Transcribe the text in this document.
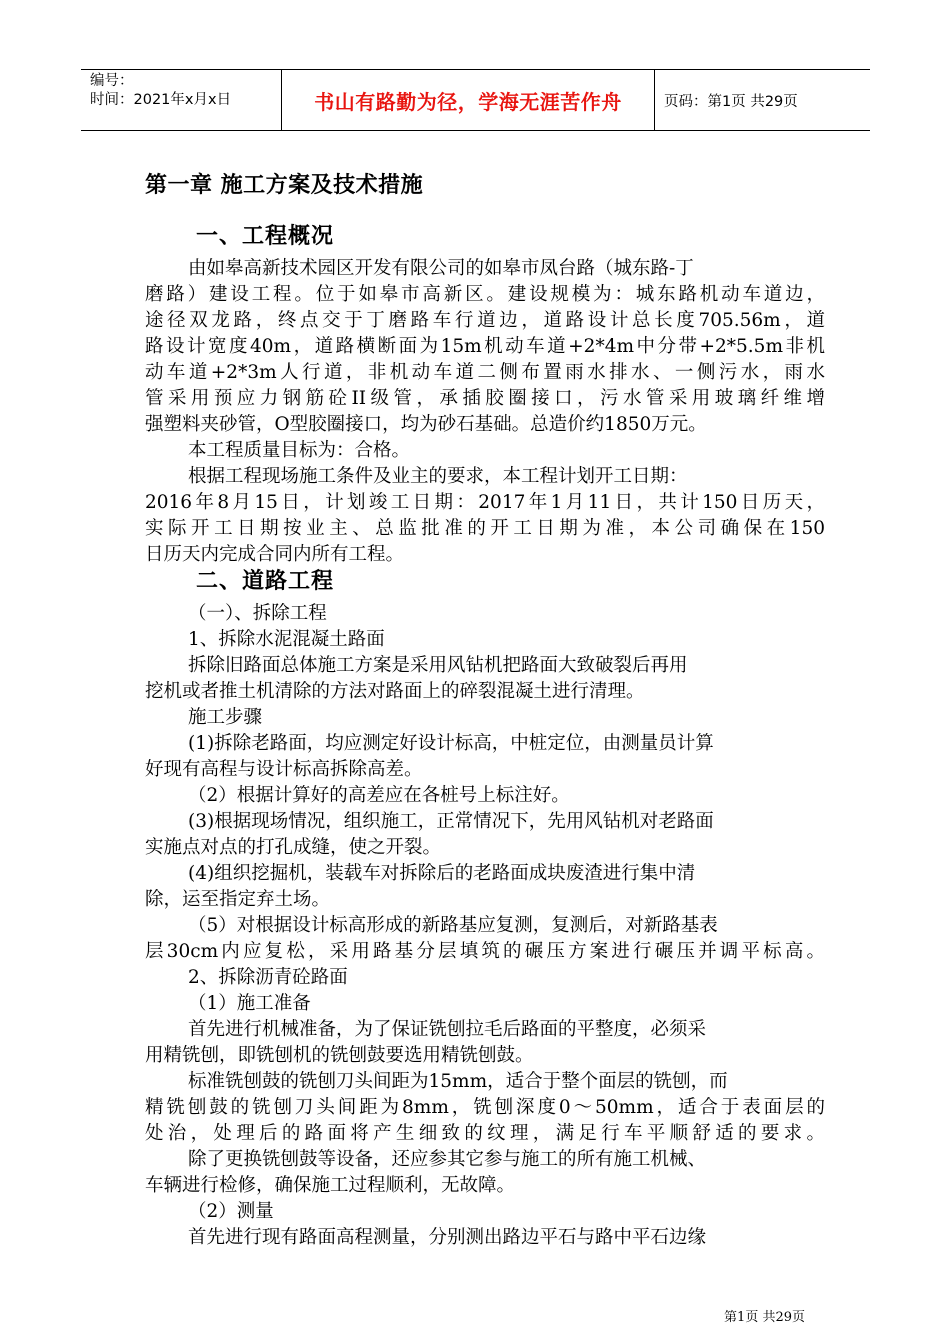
编号：
时间：2021年x月x日	书山有路勤为径，学海无涯苦作舟	页码：第1页 共29页
第一章 施工方案及技术措施
一、工程概况
由如皋高新技术园区开发有限公司的如皋市凤台路（城东路-丁
磨路）建设工程。位于如皋市高新区。建设规模为：城东路机动车道边，
途径双龙路，终点交于丁磨路车行道边，道路设计总长度705.56m，道
路设计宽度40m，道路横断面为15m机动车道+2*4m中分带+2*5.5m非机
动车道+2*3m人行道，非机动车道二侧布置雨水排水、一侧污水，雨水
管采用预应力钢筋砼II级管，承插胶圈接口，污水管采用玻璃纤维增
强塑料夹砂管，O型胶圈接口，均为砂石基础。总造价约1850万元。
本工程质量目标为：合格。
根据工程现场施工条件及业主的要求，本工程计划开工日期：
2016年8月15日，计划竣工日期：2017年1月11日，共计150日历天，
实际开工日期按业主、总监批准的开工日期为准，本公司确保在150
日历天内完成合同内所有工程。
二、道路工程
（一）、拆除工程
1、拆除水泥混凝土路面
拆除旧路面总体施工方案是采用风钻机把路面大致破裂后再用
挖机或者推土机清除的方法对路面上的碎裂混凝土进行清理。
施工步骤
(1)拆除老路面，均应测定好设计标高，中桩定位，由测量员计算
好现有高程与设计标高拆除高差。
（2）根据计算好的高差应在各桩号上标注好。
(3)根据现场情况，组织施工，正常情况下，先用风钻机对老路面
实施点对点的打孔成缝，使之开裂。
(4)组织挖掘机，装载车对拆除后的老路面成块废渣进行集中清
除，运至指定弃土场。
（5）对根据设计标高形成的新路基应复测，复测后，对新路基表
层30cm内应复松，采用路基分层填筑的碾压方案进行碾压并调平标高。
2、拆除沥青砼路面
（1）施工准备
首先进行机械准备，为了保证铣刨拉毛后路面的平整度，必须采
用精铣刨，即铣刨机的铣刨鼓要选用精铣刨鼓。
标准铣刨鼓的铣刨刀头间距为15mm，适合于整个面层的铣刨，而
精铣刨鼓的铣刨刀头间距为8mm，铣刨深度0～50mm，适合于表面层的
处治，处理后的路面将产生细致的纹理，满足行车平顺舒适的要求。
除了更换铣刨鼓等设备，还应参其它参与施工的所有施工机械、
车辆进行检修，确保施工过程顺利，无故障。
（2）测量
首先进行现有路面高程测量，分别测出路边平石与路中平石边缘
第1页 共29页
